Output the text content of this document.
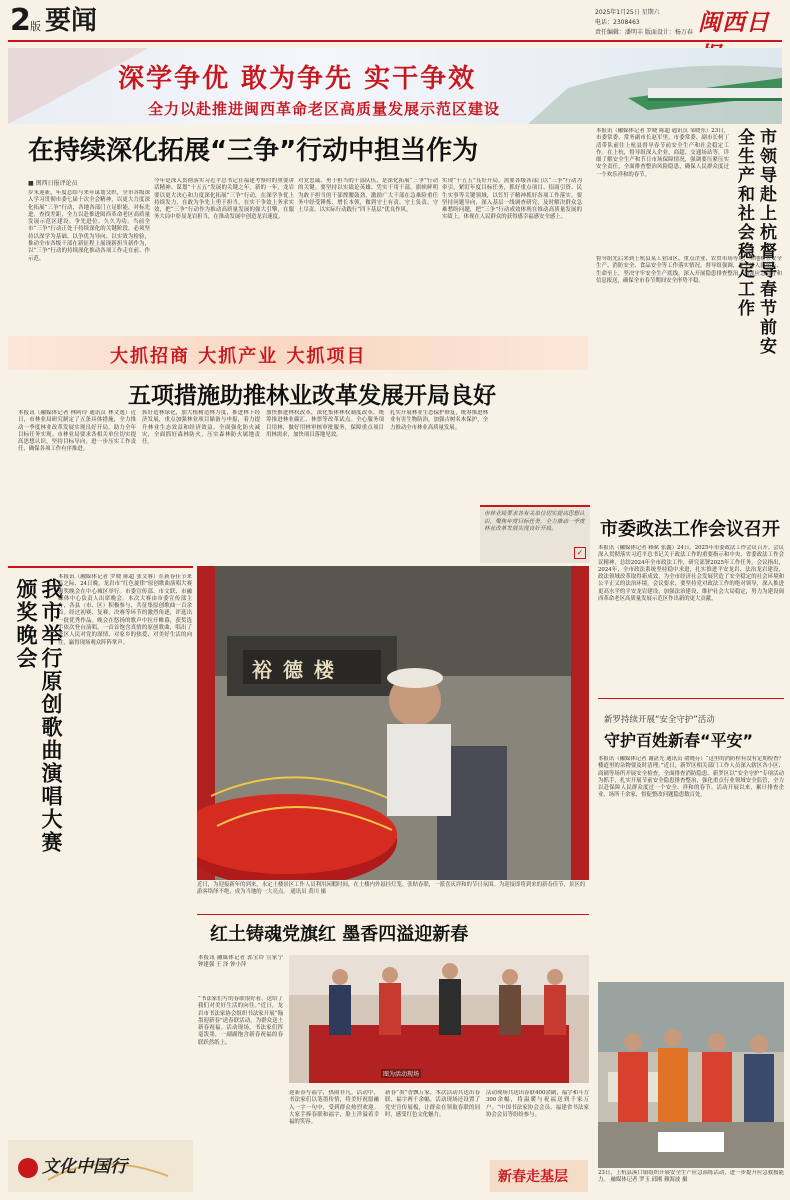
2 版 要闻	2025年1月25日 星期六
电话：2308463
责任编辑：潘明丰 版面设计：杨万春 闽西日
深学争优 敢为争先 实干争效
全力以赴推进闽西革命老区高质量发展示范区建设
在持续深化拓展“三争”行动中担当作为
■ 闽西日报评论员
岁末迎新，年度总结与来年谋划交织，全市各级深入学习贯彻市委七届十次全会精神，以更大力度深化拓展“三争”行动，各地各部门立足职能，对标先进，查找差距，全力以赴推进闽西革命老区高质量发展示范区建设。争先进位、久久为功。当前全市“三争”行动正处于持续深化的关键阶段，必须坚持以深学为基础、以争优为导向、以实效为检验，推动全市各级干部在新征程上展现新担当新作为，以“三争”行动的持续深化推动各项工作走在前、作示范。
今年是深入贯彻落实习近平总书记在福建考察时的重要讲话精神、谋划“十五五”发展的关键之年。新的一年，龙岩要以更大决心和力度深化拓展“三争”行动，在深学争优上持续发力，在敢为争先上勇于担当，在实干争效上务求实效，把“三争”行动作为推动高质量发展的强大引擎，在服务大局中彰显龙岩担当，在推动发展中创造龙岩速度。
对党忠诚、勇于担当的干部队伍，是深化拓展“三争”行动的关键。要坚持以实绩论英雄、凭实干用干部，旗帜鲜明为敢于担当的干部撑腰鼓劲，激励广大干部在急难险重任务中经受锤炼、增长本领，做到守土有责、守土负责、守土尽责，以实际行动践行“四下基层”优良作风。
实现“十五五”良好开局，需要各级各部门以“三争”行动为牵引，紧盯年度目标任务，抓好重点项目、招商引资、民生实事等关键领域，以钉钉子精神抓好各项工作落实。要坚持问题导向，深入基层一线调查研究，及时解决群众急难愁盼问题，把“三争”行动成效体现在推动高质量发展的实绩上，体现在人民群众的获得感幸福感安全感上。	市领导赴上杭督导春节前安全生产和社会稳定工作
本报讯（融媒体记者 罗晓 陈超 通讯员 邹晓东）23日，市委常委、常务副市长赵军里，市委常委、副市长柯丁清带队前往上杭县督导春节前安全生产和社会稳定工作。在上杭，督导组深入企业、商超、交通场站等，详细了解安全生产和节日市场保障情况，强调要压紧压实安全责任，全面排查整治风险隐患，确保人民群众度过一个欢乐祥和的春节。
督导组先后来到上杭县某工业园区、重点企业、农贸市场等地，实地检查安全生产、消防安全、食品安全等工作落实情况。督导组强调，要坚持人民至上、生命至上，坚决守牢安全生产底线，深入开展隐患排查整治，加强应急值守和信息报送，确保全市春节期间安全形势平稳。
大抓招商 大抓产业 大抓项目
五项措施助推林业改革发展开局良好
本报讯（融媒体记者 林阿玲 通讯员 林文逸）近日，市林业局研究制定了五条具体措施，全力推动一季度林业改革发展实现良好开局，助力全年目标任务实现。市林业局要求各相关单位切实提高思想认识，坚持目标导向，进一步压实工作责任，确保各项工作有序推进。
抓好造林绿化，加大植树造林力度，推进林下经济发展，重点加强林业项目储备与申报，着力提升林业生态效益和经济效益。全面强化防火减灾，全面抓好森林防火，压实森林防火属地责任。
加快推进林权改革，深化集体林权制度改革，统筹推进林业碳汇、林票等改革试点。全心服务项目用林，做好用林审核审批服务，保障重点项目用林需求，加快项目落地见效。
扎实开展林业生态保护修复，统筹推进林业有害生物防治，加强古树名木保护，全力推动全市林业高质量发展。
市林业局要求各有关单位切实提高思想认识，聚焦年度目标任务，全力推动一季度林业改革发展实现良好开局。
✓
市委政法工作会议召开
本报讯（融媒体记者 赖斌 张鑫）24日，2025年市委政法工作会议召开。会议深入贯彻落实习近平总书记关于政法工作的重要指示和中央、省委政法工作会议精神，总结2024年全市政法工作，研究部署2025年工作任务。会议指出，2024年，全市政法系统坚持稳中求进，扎实推进平安龙岩、法治龙岩建设，政法领域改革取得新成效，为全市经济社会发展营造了安全稳定的社会环境和公平正义的法治环境。会议要求，要坚持党对政法工作的绝对领导，深入推进更高水平的平安龙岩建设，加强法治建设，维护社会大局稳定，努力为建设闽西革命老区高质量发展示范区作出新的更大贡献。
我市举行原创歌曲演唱大赛颁奖晚会
本报讯（融媒体记者 罗晓 陈超 张文睿）在新春佳节来临之际，24日晚，龙岩市“红色旋律”原创歌曲演唱大赛颁奖晚会在中心城区举行。市委宣传部、市文联、市融媒体中心负责人出席晚会。本次大赛由市委宣传部主办，各县（市、区）积极参与，共征集原创歌曲一百余首。经过初赛、复赛、决赛等环节的激烈角逐，评选出一批优秀作品。晚会在悠扬的歌声中拉开帷幕，获奖选手依次登台演唱，一首首饱含真情的原创歌曲，唱出了老区人民对党的深情、对家乡的热爱、对美好生活的向往，赢得现场观众阵阵掌声。
文化中国行
裕 德 楼
近日，为迎接新年的到来，永定土楼景区工作人员利用闲暇时间，在土楼内外悬挂灯笼、张贴春联，一派喜庆祥和的节日氛围。为迎接即将到来的新春佳节，景区的游客络绎不绝，成为当地的一大亮点。 通讯员 黄川 摄
红土铸魂党旗红 墨香四溢迎新春
本报讯 融媒体记者 郭宝铃 宣家宁 钟建强 王 泽 钟小萍
“书法家们写的春联很好看，送给了我们对美好生活的向往。”近日，龙岩市书法家协会组织书法家开展“翰墨迎新春”送春联活动，为群众送上新春祝福。活动现场，书法家们挥毫泼墨，一副副饱含新春祝福的春联跃然纸上。
迎新春写福字，热闹非凡。活动中，书法家们以笔墨传情，将美好祝愿融入一字一句中，受到群众热烈欢迎。大家手捧春联和福字，脸上洋溢着幸福的笑容。
图为活动现场
新春“墨”香飘万家，本次活动共送出春联、福字两千余幅。活动现场还设置了党史宣传展板，让群众在领取春联的同时，感受红色文化魅力。
活动现场共送出春联400余副，福字和斗方300余幅，将温暖与祝福送到千家万户。“中国书法家协会会员、福建省书法家协会会员等纷纷参与。
新春走基层
新罗持续开展“安全守护”活动
守护百姓新春“平安”
本报讯（融媒体记者 谢湛光 通讯员 俞晓芬）“这里的消防栓有没有定期检查？楼道里的杂物要及时清理。”近日，新罗区相关部门工作人员深入辖区各小区、商铺等场所开展安全检查，全面排查消防隐患。新罗区以“安全守护”专项活动为抓手，扎实开展节前安全隐患排查整治，强化重点行业领域安全监管，全力以赴保障人民群众度过一个安全、祥和的春节。活动开展以来，累计排查企业、场所千余家，督促整改问题隐患数百处。
23日，上杭县溪口镇组织开展安全生产应急演练活动，进一步提升应急救援能力。 融媒体记者 罗玉 邱刚 赖海波 摄
